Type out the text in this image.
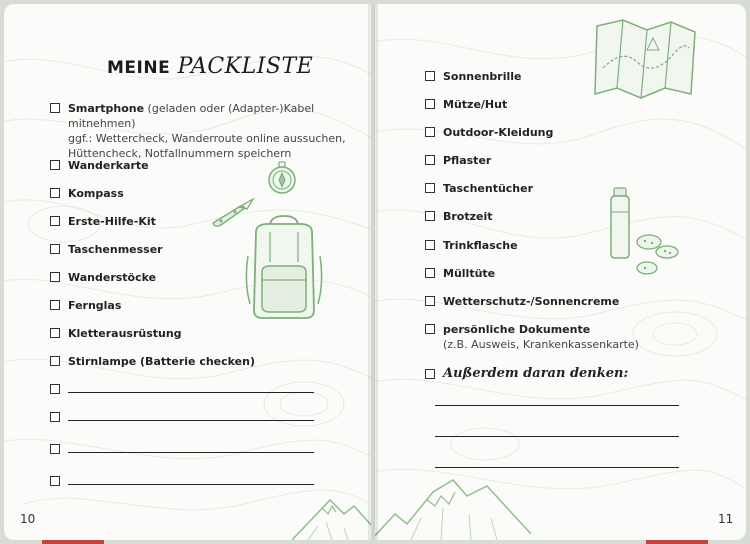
MEINE PACKLISTE
Smartphone (geladen oder (Adapter-)Kabel mitnehmen)
ggf.: Wettercheck, Wanderroute online aussuchen,
Hüttencheck, Notfallnummern speichern
Wanderkarte
Kompass
Erste-Hilfe-Kit
Taschenmesser
Wanderstöcke
Fernglas
Kletterausrüstung
Stirnlampe (Batterie checken)
10
Sonnenbrille
Mütze/Hut
Outdoor-Kleidung
Pflaster
Taschentücher
Brotzeit
Trinkflasche
Mülltüte
Wetterschutz-/Sonnencreme
persönliche Dokumente
(z.B. Ausweis, Krankenkassenkarte)
Außerdem daran denken:
11
